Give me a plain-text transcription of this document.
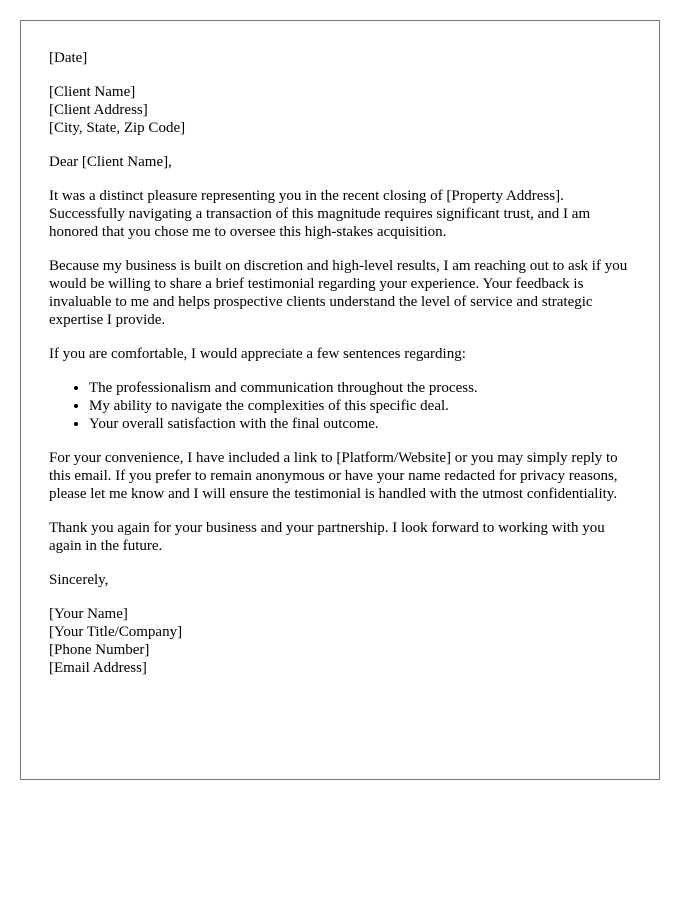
[Date]

[Client Name]
[Client Address]
[City, State, Zip Code]

Dear [Client Name],

It was a distinct pleasure representing you in the recent closing of [Property Address]. Successfully navigating a transaction of this magnitude requires significant trust, and I am honored that you chose me to oversee this high-stakes acquisition.

Because my business is built on discretion and high-level results, I am reaching out to ask if you would be willing to share a brief testimonial regarding your experience. Your feedback is invaluable to me and helps prospective clients understand the level of service and strategic expertise I provide.

If you are comfortable, I would appreciate a few sentences regarding:

• The professionalism and communication throughout the process.
• My ability to navigate the complexities of this specific deal.
• Your overall satisfaction with the final outcome.

For your convenience, I have included a link to [Platform/Website] or you may simply reply to this email. If you prefer to remain anonymous or have your name redacted for privacy reasons, please let me know and I will ensure the testimonial is handled with the utmost confidentiality.

Thank you again for your business and your partnership. I look forward to working with you again in the future.

Sincerely,

[Your Name]
[Your Title/Company]
[Phone Number]
[Email Address]
